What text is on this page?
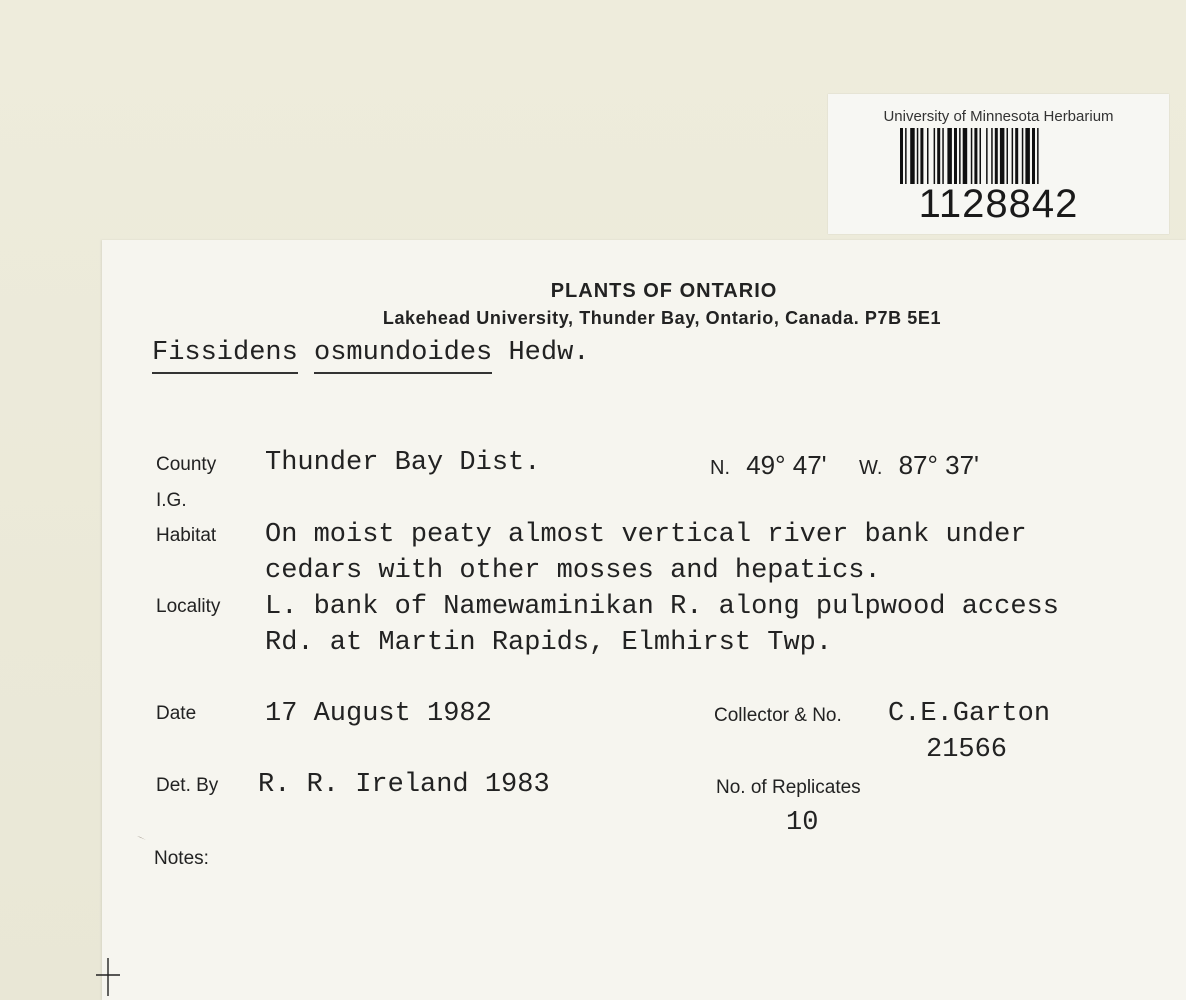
University of Minnesota Herbarium
1128842
PLANTS OF ONTARIO
Lakehead University, Thunder Bay, Ontario, Canada. P7B 5E1
Fissidens osmundoides Hedw.
County Thunder Bay Dist.	N. 49° 47' W. 87° 37'
I.G.
Habitat On moist peaty almost vertical river bank under
cedars with other mosses and hepatics.
Locality L. bank of Namewaminikan R. along pulpwood access
Rd. at Martin Rapids, Elmhirst Twp.
Date	17 August 1982	Collector & No. C.E.Garton
21566
Det. By R. R. Ireland 1983	No. of Replicates
10
Notes:
